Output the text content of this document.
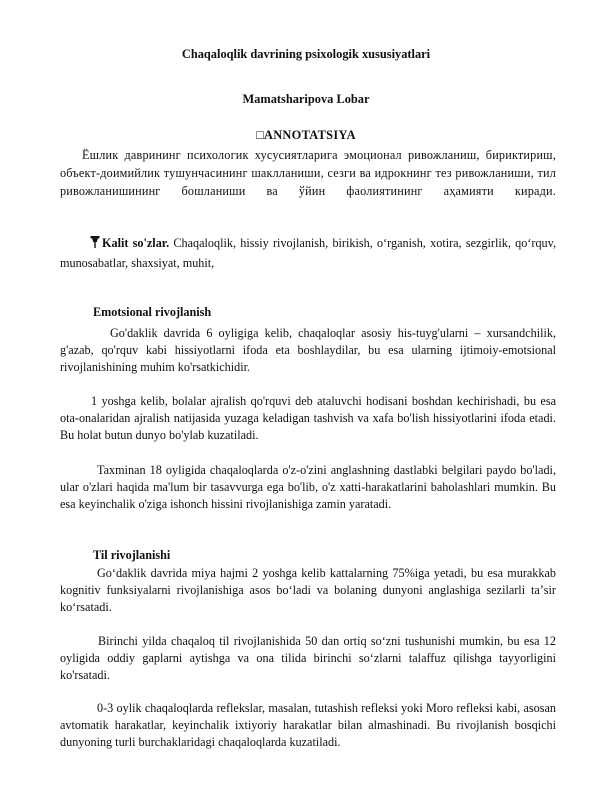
Chaqaloqlik davrining psixologik xususiyatlari
Mamatsharipova Lobar
□ANNOTATSIYA
Ёшлик даврининг психологик хусусиятларига эмоционал ривожланиш, бириктириш, объект-доимийлик тушунчасининг шаклланиши, сезги ва идрокнинг тез ривожланиши, тил ривожланишининг бошланиши ва ўйин фаолиятининг аҳамияти киради.
Kalit so'zlar. Chaqaloqlik, hissiy rivojlanish, birikish, oʻrganish, xotira, sezgirlik, qoʻrquv, munosabatlar, shaxsiyat, muhit,
Emotsional rivojlanish
Go'daklik davrida 6 oyligiga kelib, chaqaloqlar asosiy his-tuyg'ularni – xursandchilik, g'azab, qo'rquv kabi hissiyotlarni ifoda eta boshlaydilar, bu esa ularning ijtimoiy-emotsional rivojlanishining muhim ko'rsatkichidir.
1 yoshga kelib, bolalar ajralish qo'rquvi deb ataluvchi hodisani boshdan kechirishadi, bu esa ota-onalaridan ajralish natijasida yuzaga keladigan tashvish va xafa bo'lish hissiyotlarini ifoda etadi. Bu holat butun dunyo bo'ylab kuzatiladi.
Taxminan 18 oyligida chaqaloqlarda o'z-o'zini anglashning dastlabki belgilari paydo bo'ladi, ular o'zlari haqida ma'lum bir tasavvurga ega bo'lib, o'z xatti-harakatlarini baholashlari mumkin. Bu esa keyinchalik o'ziga ishonch hissini rivojlanishiga zamin yaratadi.
Til rivojlanishi
Goʻdaklik davrida miya hajmi 2 yoshga kelib kattalarning 75%iga yetadi, bu esa murakkab kognitiv funksiyalarni rivojlanishiga asos boʻladi va bolaning dunyoni anglashiga sezilarli taʼsir koʻrsatadi.
Birinchi yilda chaqaloq til rivojlanishida 50 dan ortiq soʻzni tushunishi mumkin, bu esa 12 oyligida oddiy gaplarni aytishga va ona tilida birinchi soʻzlarni talaffuz qilishga tayyorligini ko'rsatadi.
0-3 oylik chaqaloqlarda reflekslar, masalan, tutashish refleksi yoki Moro refleksi kabi, asosan avtomatik harakatlar, keyinchalik ixtiyoriy harakatlar bilan almashinadi. Bu rivojlanish bosqichi dunyoning turli burchaklaridagi chaqaloqlarda kuzatiladi.
